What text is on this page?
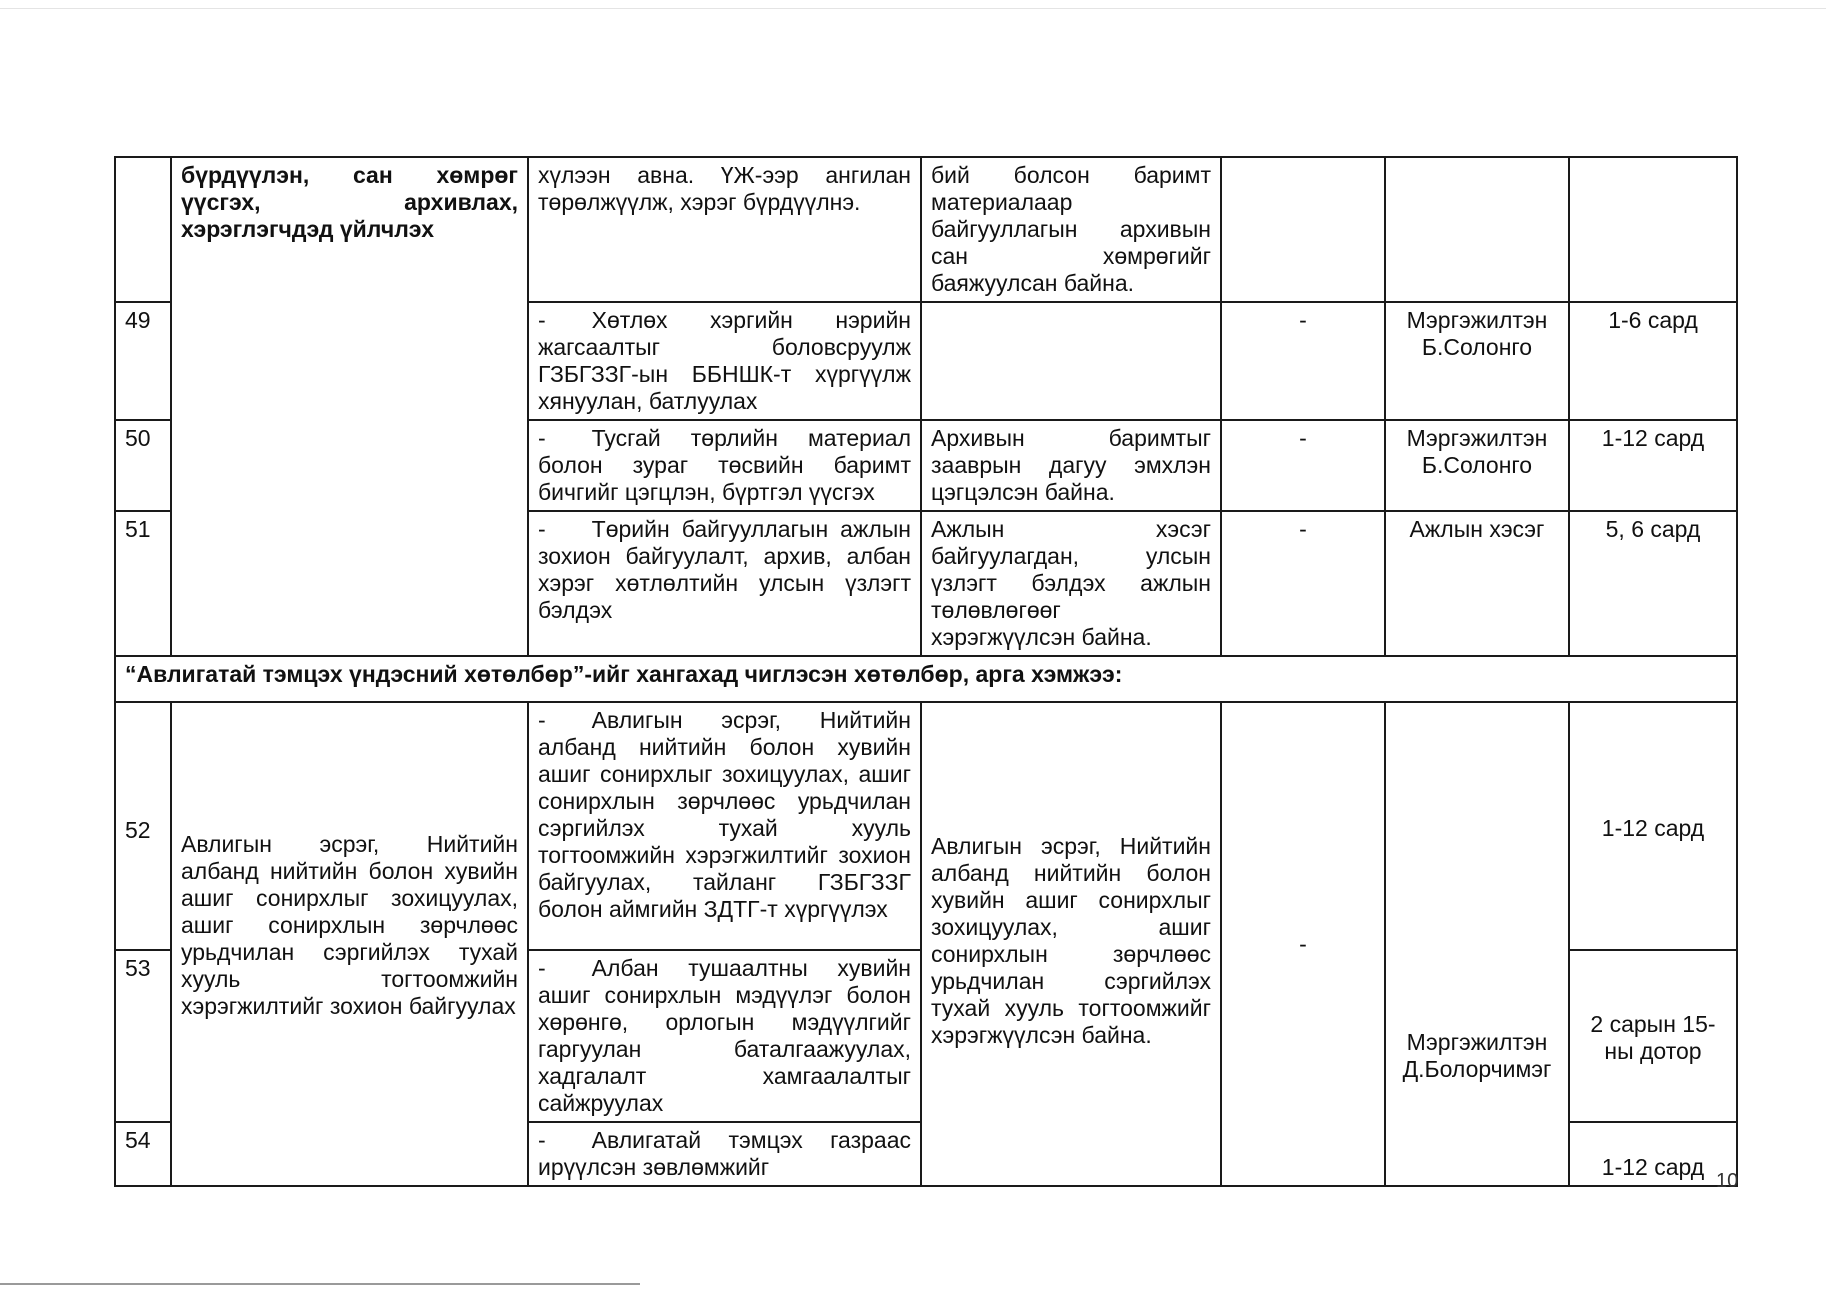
	бүрдүүлэн, сан хөмрөг үүсгэх, архивлах, хэрэглэгчдэд үйлчлэх	хүлээн авна. ҮЖ-ээр ангилан төрөлжүүлж, хэрэг бүрдүүлнэ.	бий болсон баримт материалаар байгууллагын архивын сан хөмрөгийг баяжуулсан байна.			
49		- Хөтлөх хэргийн нэрийн жагсаалтыг боловсруулж ГЗБГЗЗГ-ын ББНШК-т хүргүүлж хянуулан, батлуулах		-	Мэргэжилтэн Б.Солонго	1-6 сард
50		- Тусгай төрлийн материал болон зураг төсвийн баримт бичгийг цэгцлэн, бүртгэл үүсгэх	Архивын баримтыг зааврын дагуу эмхлэн цэгцэлсэн байна.	-	Мэргэжилтэн Б.Солонго	1-12 сард
51		- Төрийн байгууллагын ажлын зохион байгуулалт, архив, албан хэрэг хөтлөлтийн улсын үзлэгт бэлдэх	Ажлын хэсэг байгуулагдан, улсын үзлэгт бэлдэх ажлын төлөвлөгөөг хэрэгжүүлсэн байна.	-	Ажлын хэсэг	5, 6 сард
“Авлигатай тэмцэх үндэсний хөтөлбөр”-ийг хангахад чиглэсэн хөтөлбөр, арга хэмжээ:						
52	Авлигын эсрэг, Нийтийн албанд нийтийн болон хувийн ашиг сонирхлыг зохицуулах, ашиг сонирхлын зөрчлөөс урьдчилан сэргийлэх тухай хууль тогтоомжийн хэрэгжилтийг зохион байгуулах	- Авлигын эсрэг, Нийтийн албанд нийтийн болон хувийн ашиг сонирхлыг зохицуулах, ашиг сонирхлын зөрчлөөс урьдчилан сэргийлэх тухай хууль тогтоомжийн хэрэгжилтийг зохион байгуулах, тайланг ГЗБГЗЗГ болон аймгийн ЗДТГ-т хүргүүлэх	Авлигын эсрэг, Нийтийн албанд нийтийн болон хувийн ашиг сонирхлыг зохицуулах, ашиг сонирхлын зөрчлөөс урьдчилан сэргийлэх тухай хууль тогтоомжийг хэрэгжүүлсэн байна.	-	Мэргэжилтэн Д.Болорчимэг	1-12 сард
53		- Албан тушаалтны хувийн ашиг сонирхлын мэдүүлэг болон хөрөнгө, орлогын мэдүүлгийг гаргуулан баталгаажуулах, хадгалалт хамгаалалтыг сайжруулах				2 сарын 15-ны дотор
54		- Авлигатай тэмцэх газраас ирүүлсэн зөвлөмжийг				1-12 сард
10
